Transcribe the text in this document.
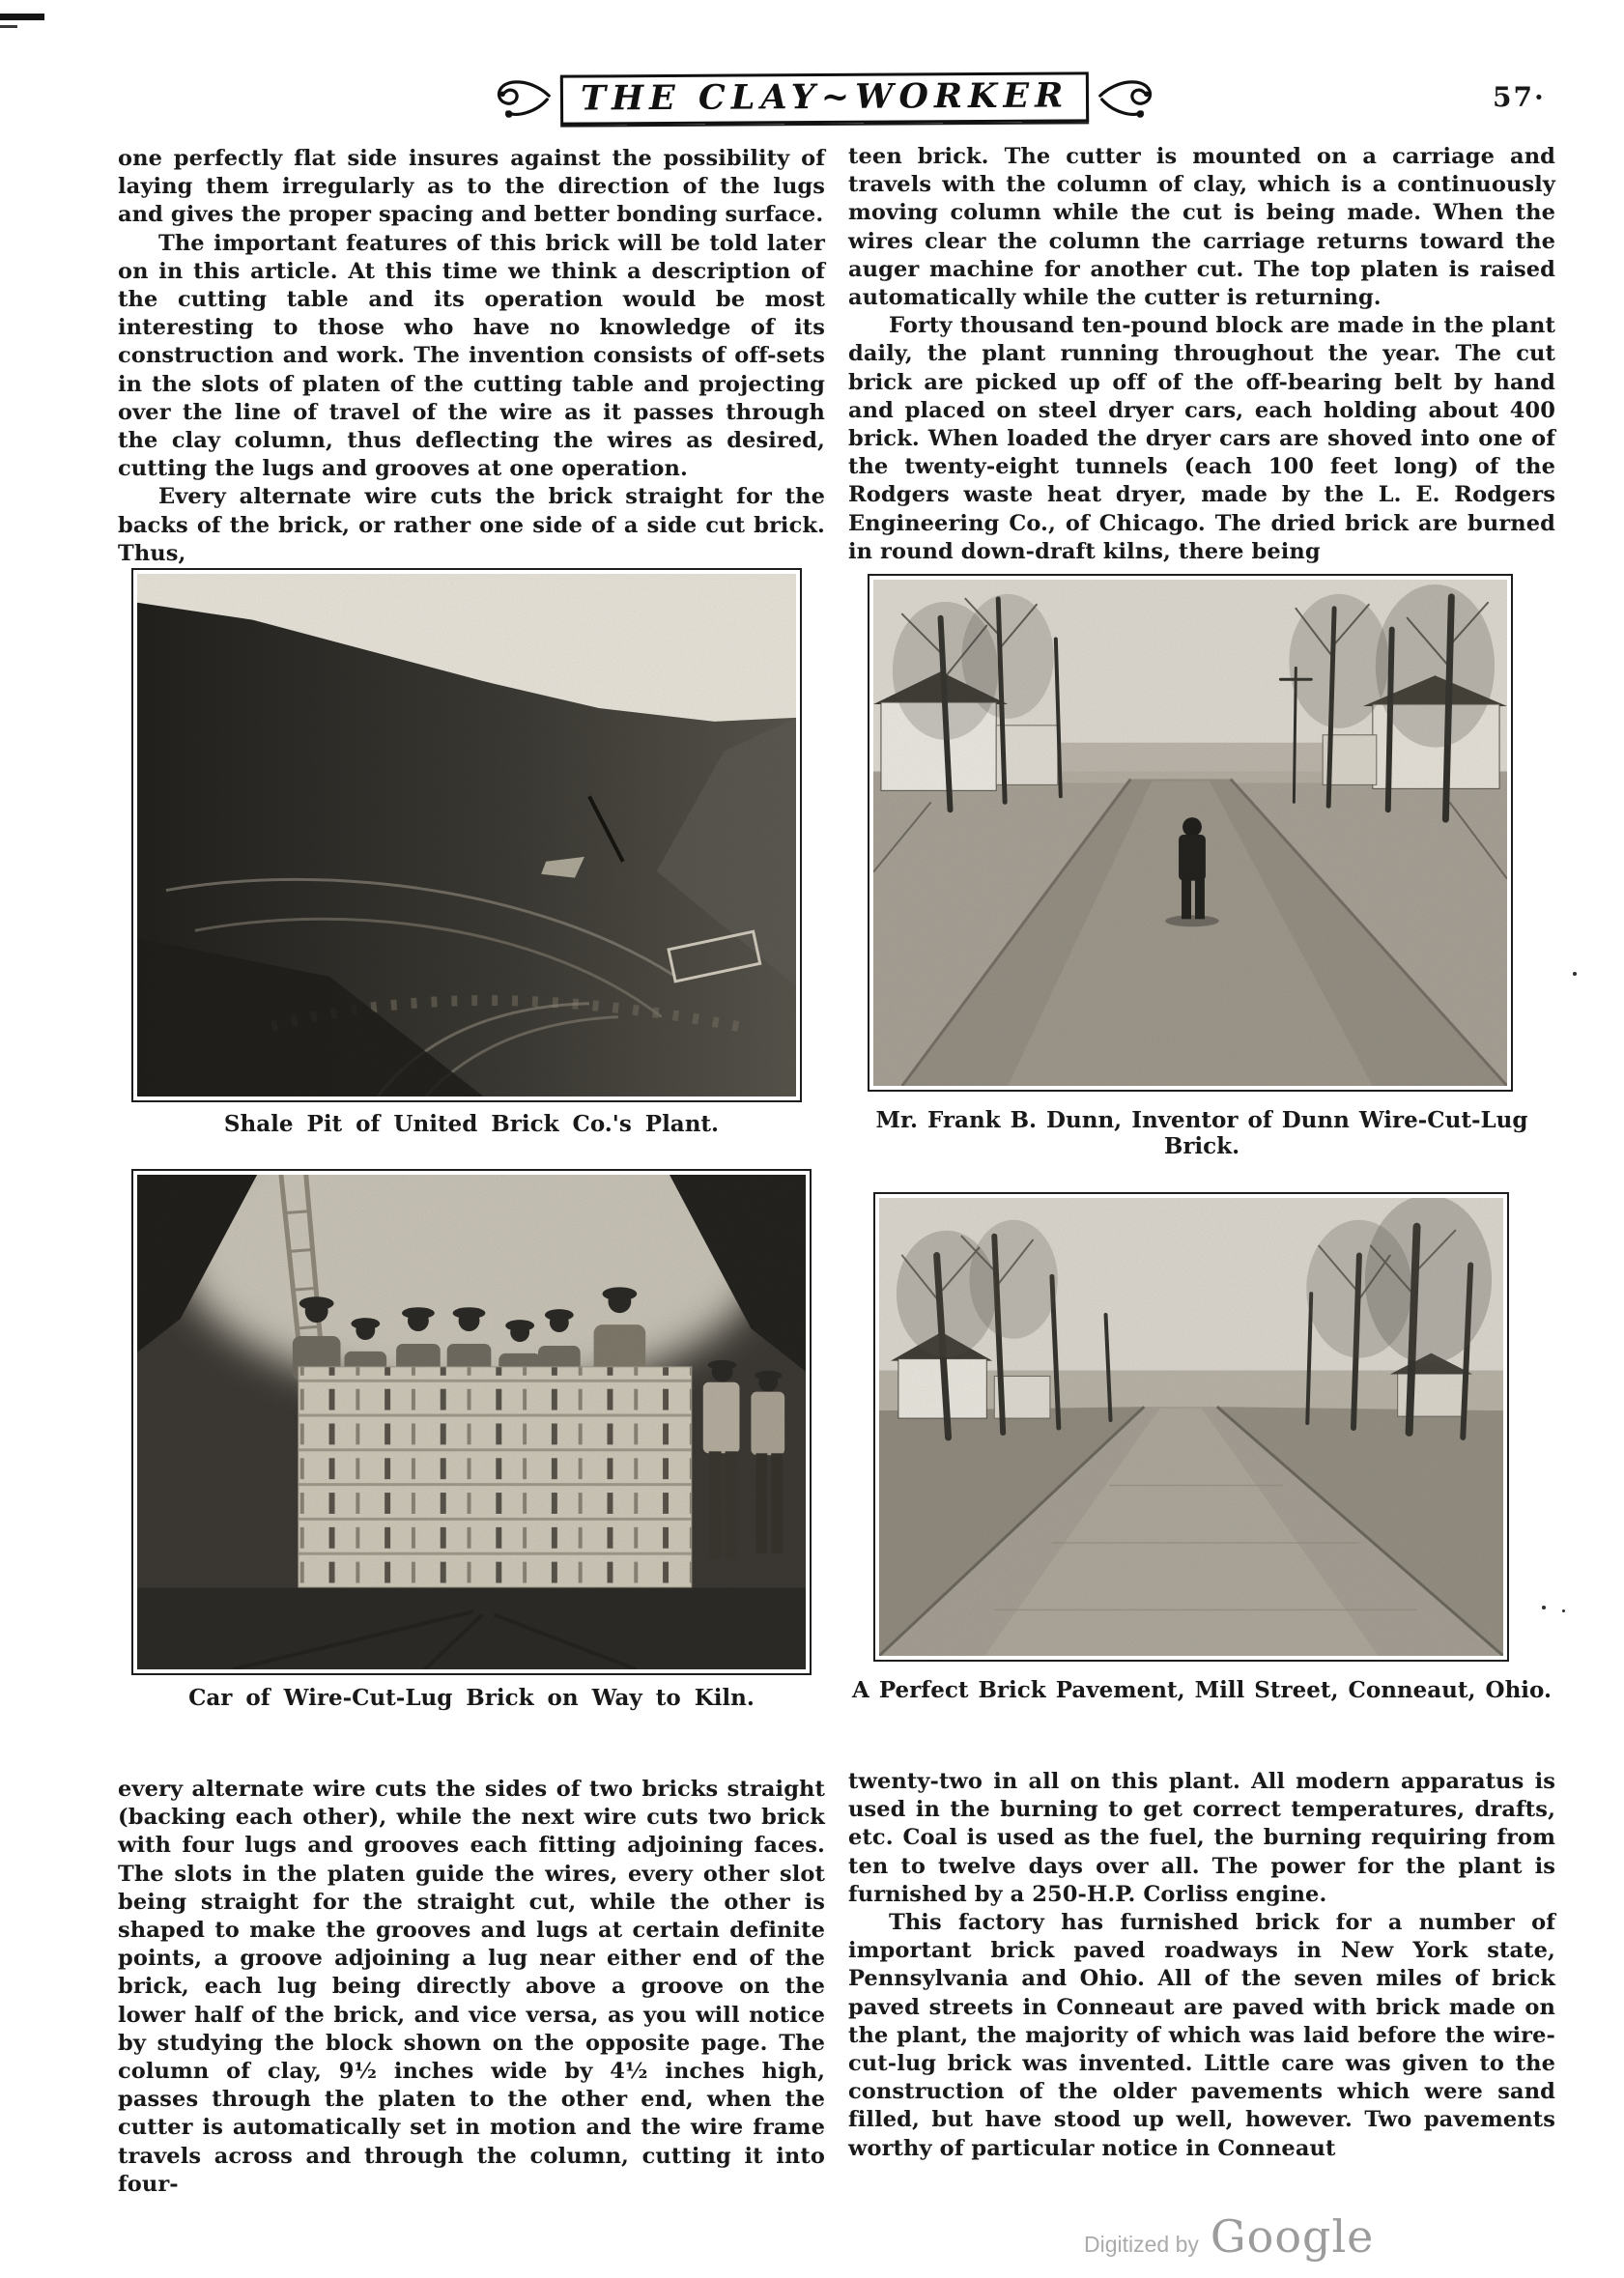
THE CLAY~WORKER	57·

one perfectly flat side insures against the possibility of laying them irregularly as to the direction of the lugs and gives the proper spacing and better bonding surface.

The important features of this brick will be told later on in this article. At this time we think a description of the cutting table and its operation would be most interesting to those who have no knowledge of its construction and work. The invention consists of off-sets in the slots of platen of the cutting table and projecting over the line of travel of the wire as it passes through the clay column, thus deflecting the wires as desired, cutting the lugs and grooves at one operation.

Every alternate wire cuts the brick straight for the backs of the brick, or rather one side of a side cut brick. Thus,

teen brick. The cutter is mounted on a carriage and travels with the column of clay, which is a continuously moving column while the cut is being made. When the wires clear the column the carriage returns toward the auger machine for another cut. The top platen is raised automatically while the cutter is returning.

Forty thousand ten-pound block are made in the plant daily, the plant running throughout the year. The cut brick are picked up off of the off-bearing belt by hand and placed on steel dryer cars, each holding about 400 brick. When loaded the dryer cars are shoved into one of the twenty-eight tunnels (each 100 feet long) of the Rodgers waste heat dryer, made by the L. E. Rodgers Engineering Co., of Chicago. The dried brick are burned in round down-draft kilns, there being

every alternate wire cuts the sides of two bricks straight (backing each other), while the next wire cuts two brick with four lugs and grooves each fitting adjoining faces. The slots in the platen guide the wires, every other slot being straight for the straight cut, while the other is shaped to make the grooves and lugs at certain definite points, a groove adjoining a lug near either end of the brick, each lug being directly above a groove on the lower half of the brick, and vice versa, as you will notice by studying the block shown on the opposite page. The column of clay, 9½ inches wide by 4½ inches high, passes through the platen to the other end, when the cutter is automatically set in motion and the wire frame travels across and through the column, cutting it into four-

twenty-two in all on this plant. All modern apparatus is used in the burning to get correct temperatures, drafts, etc. Coal is used as the fuel, the burning requiring from ten to twelve days over all. The power for the plant is furnished by a 250-H.P. Corliss engine.

This factory has furnished brick for a number of important brick paved roadways in New York state, Pennsylvania and Ohio. All of the seven miles of brick paved streets in Conneaut are paved with brick made on the plant, the majority of which was laid before the wire-cut-lug brick was invented. Little care was given to the construction of the older pavements which were sand filled, but have stood up well, however. Two pavements worthy of particular notice in Conneaut

Shale Pit of United Brick Co.'s Plant.	Mr. Frank B. Dunn, Inventor of Dunn Wire-Cut-Lug Brick.
Car of Wire-Cut-Lug Brick on Way to Kiln.	A Perfect Brick Pavement, Mill Street, Conneaut, Ohio.
Digitized by Google
